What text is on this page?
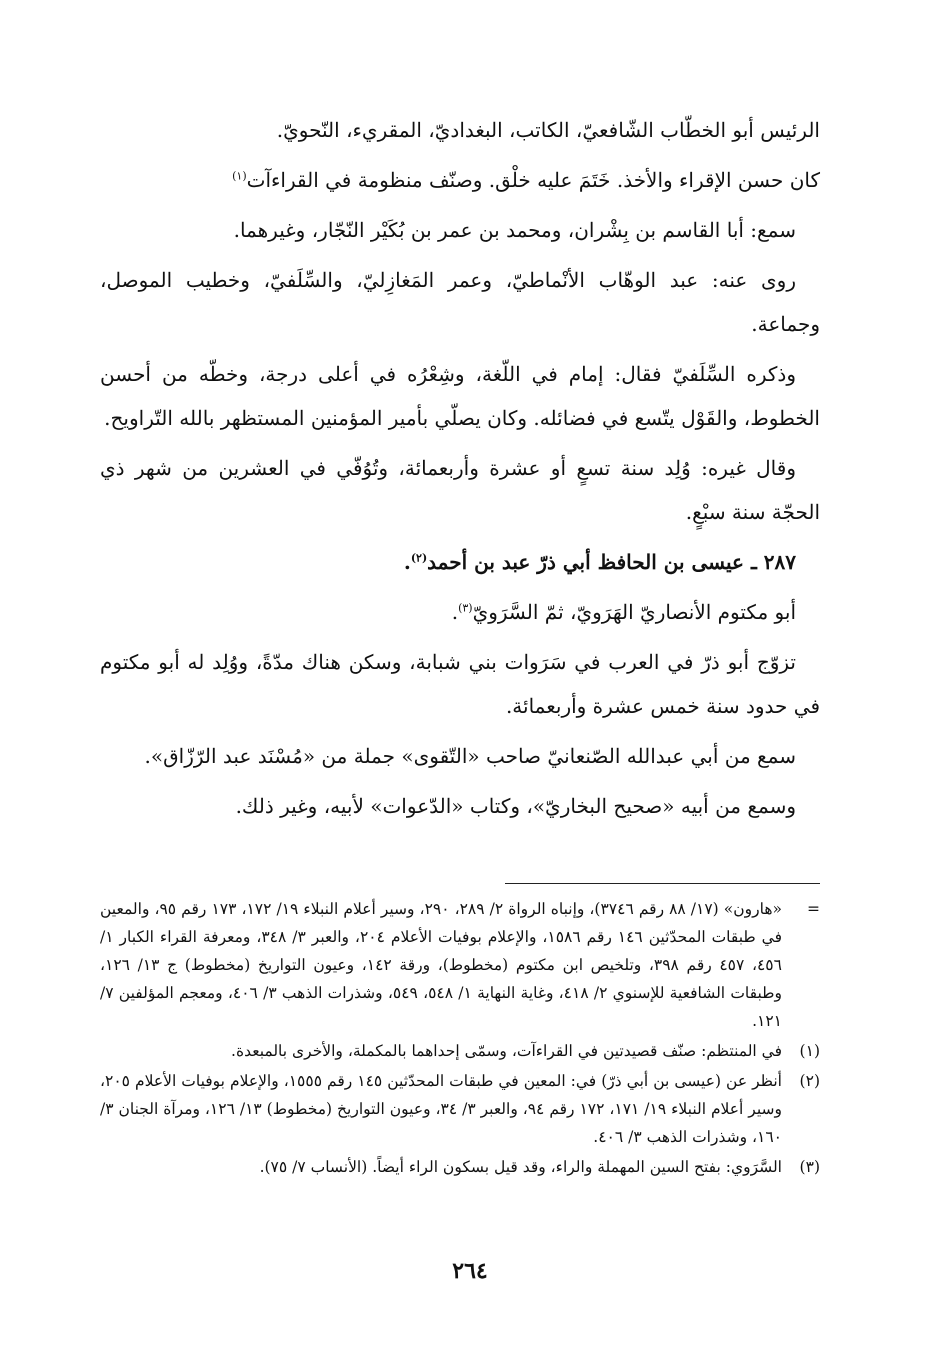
الرئيس أبو الخطّاب الشّافعيّ، الكاتب، البغداديّ، المقريء، النّحويّ.

كان حسن الإقراء والأخذ. خَتَمَ عليه خلْق. وصنّف منظومة في القراءآت$^{(١)}$

سمع: أبا القاسم بن بِشْران، ومحمد بن عمر بن بُكَيْر النّجّار، وغيرهما.

روى عنه: عبد الوهّاب الأنْماطيّ، وعمر المَغازِليّ، والسِّلَفيّ، وخطيب الموصل، وجماعة.

وذكره السِّلَفيّ فقال: إمام في اللّغة، وشِعْرُه في أعلى درجة، وخطّه من أحسن الخطوط، والقَوْل يتّسع في فضائله. وكان يصلّي بأمير المؤمنين المستظهر بالله التّراويح.

وقال غيره: وُلِد سنة تسعٍ أو عشرة وأربعمائة، وتُوُفّي في العشرين من شهر ذي الحجّة سنة سبْعٍ.

٢٨٧ ـ عيسى بن الحافظ أبي ذرّ عبد بن أحمد$^{(٢)}$.

أبو مكتوم الأنصاريّ الهَرَويّ، ثمّ السَّرَويّ$^{(٣)}$.

تزوّج أبو ذرّ في العرب في سَرَوات بني شبابة، وسكن هناك مدّةً، ووُلِد له أبو مكتوم في حدود سنة خمس عشرة وأربعمائة.

سمع من أبي عبدالله الصّنعانيّ صاحب «التّقوى» جملة من «مُسْنَد عبد الرّزّاق».

وسمع من أبيه «صحيح البخاريّ»، وكتاب «الدّعوات» لأبيه، وغير ذلك.

=
«هارون» (١٧/ ٨٨ رقم ٣٧٤٦)، وإنباه الرواة ٢/ ٢٨٩، ٢٩٠، وسير أعلام النبلاء ١٩/ ١٧٢، ١٧٣ رقم ٩٥، والمعين في طبقات المحدّثين ١٤٦ رقم ١٥٨٦، والإعلام بوفيات الأعلام ٢٠٤، والعبر ٣/ ٣٤٨، ومعرفة القراء الكبار ١/ ٤٥٦، ٤٥٧ رقم ٣٩٨، وتلخيص ابن مكتوم (مخطوط)، ورقة ١٤٢، وعيون التواريخ (مخطوط) ج ١٣/ ١٢٦، وطبقات الشافعية للإسنوي ٢/ ٤١٨، وغاية النهاية ١/ ٥٤٨، ٥٤٩، وشذرات الذهب ٣/ ٤٠٦، ومعجم المؤلفين ٧/ ١٢١.
(١)
في المنتظم: صنّف قصيدتين في القراءآت، وسمّى إحداهما بالمكملة، والأخرى بالمبعدة.
(٢)
أنظر عن (عيسى بن أبي ذرّ) في: المعين في طبقات المحدّثين ١٤٥ رقم ١٥٥٥، والإعلام بوفيات الأعلام ٢٠٥، وسير أعلام النبلاء ١٩/ ١٧١، ١٧٢ رقم ٩٤، والعبر ٣/ ٣٤، وعيون التواريخ (مخطوط) ١٣/ ١٢٦، ومرآة الجنان ٣/ ١٦٠، وشذرات الذهب ٣/ ٤٠٦.
(٣)
السَّرَوي: بفتح السين المهملة والراء، وقد قيل بسكون الراء أيضاً. (الأنساب ٧/ ٧٥).
٢٦٤
